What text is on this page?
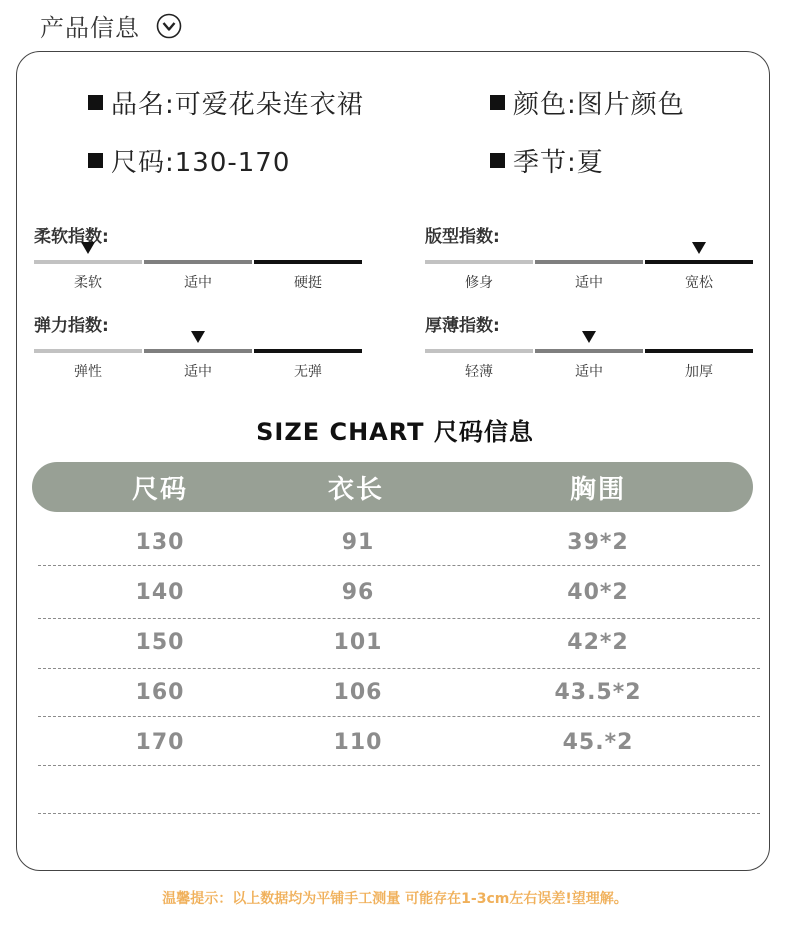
产品信息
品名:可爱花朵连衣裙	颜色:图片颜色
尺码:130-170	季节:夏
柔软指数:
柔软	适中	硬挺
版型指数:
修身	适中	宽松
弹力指数:
弹性	适中	无弹
厚薄指数:
轻薄	适中	加厚
SIZE CHART 尺码信息
尺码	衣长	胸围
130	91	39*2
140	96	40*2
150	101	42*2
160	106	43.5*2
170	110	45.*2
温馨提示：以上数据均为平铺手工测量 可能存在1-3cm左右误差!望理解。
